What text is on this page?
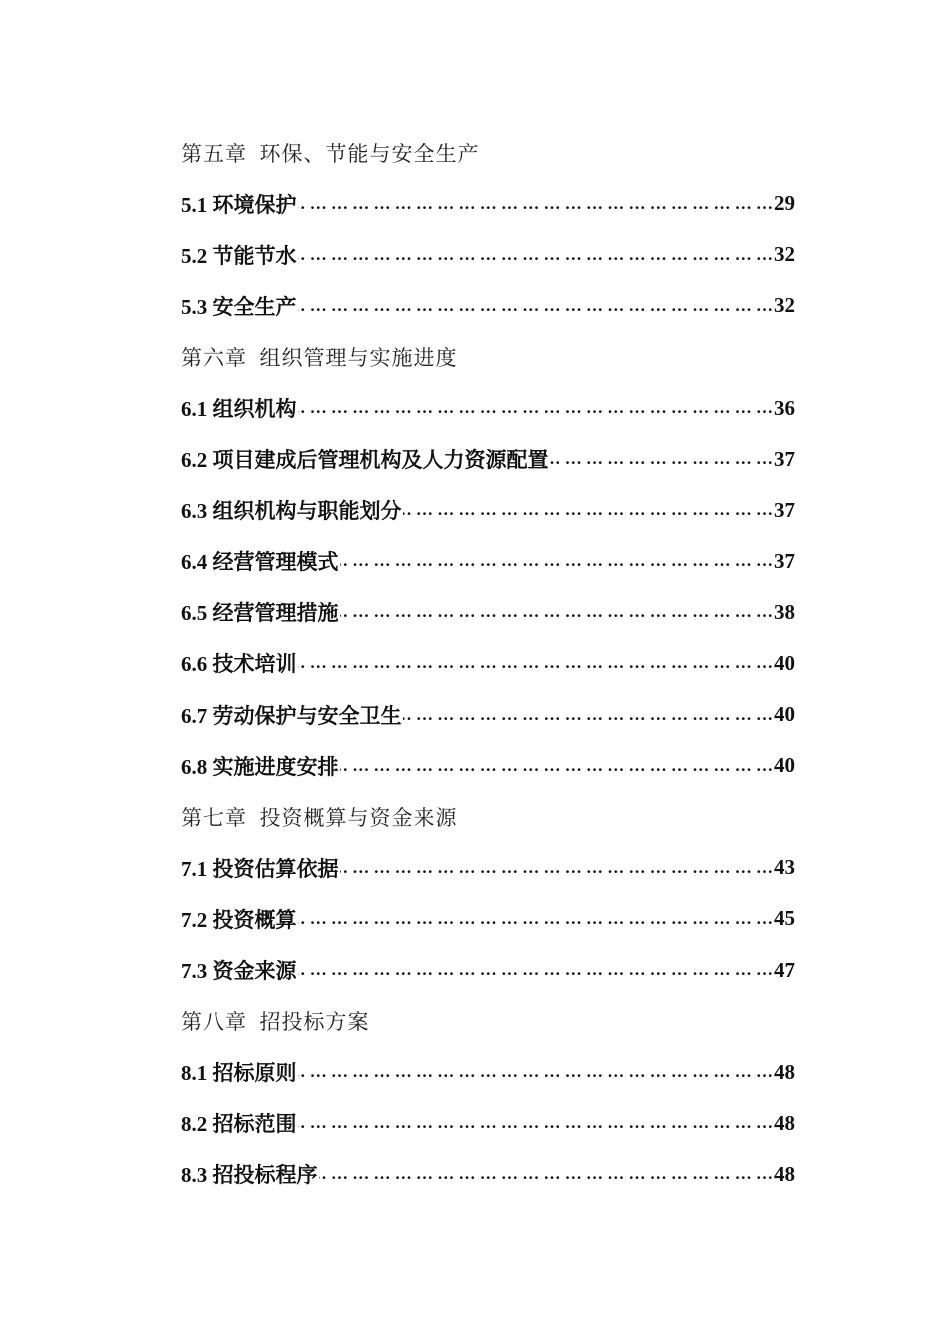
第五章  环保、节能与安全生产
5.1 环境保护 … … … … … … … … … … … … … … … … … … … … … … … … … … … … … … … … … … … … … … … … …	29
5.2 节能节水 … … … … … … … … … … … … … … … … … … … … … … … … … … … … … … … … … … … … … … … … …	32
5.3 安全生产 … … … … … … … … … … … … … … … … … … … … … … … … … … … … … … … … … … … … … … … … …	32
第六章  组织管理与实施进度
6.1 组织机构 … … … … … … … … … … … … … … … … … … … … … … … … … … … … … … … … … … … … … … … … …	36
6.2 项目建成后管理机构及人力资源配置 … … … … … … … … … … … … … … … … … … … … … … … … … … … … … … … … … … … … … … … … …	37
6.3 组织机构与职能划分 … … … … … … … … … … … … … … … … … … … … … … … … … … … … … … … … … … … … … … … … …	37
6.4 经营管理模式 … … … … … … … … … … … … … … … … … … … … … … … … … … … … … … … … … … … … … … … … …	37
6.5 经营管理措施 … … … … … … … … … … … … … … … … … … … … … … … … … … … … … … … … … … … … … … … … …	38
6.6 技术培训 … … … … … … … … … … … … … … … … … … … … … … … … … … … … … … … … … … … … … … … … …	40
6.7 劳动保护与安全卫生 … … … … … … … … … … … … … … … … … … … … … … … … … … … … … … … … … … … … … … … … …	40
6.8 实施进度安排 … … … … … … … … … … … … … … … … … … … … … … … … … … … … … … … … … … … … … … … … …	40
第七章  投资概算与资金来源
7.1 投资估算依据 … … … … … … … … … … … … … … … … … … … … … … … … … … … … … … … … … … … … … … … … …	43
7.2 投资概算 … … … … … … … … … … … … … … … … … … … … … … … … … … … … … … … … … … … … … … … … …	45
7.3 资金来源 … … … … … … … … … … … … … … … … … … … … … … … … … … … … … … … … … … … … … … … … …	47
第八章  招投标方案
8.1 招标原则 … … … … … … … … … … … … … … … … … … … … … … … … … … … … … … … … … … … … … … … … …	48
8.2 招标范围 … … … … … … … … … … … … … … … … … … … … … … … … … … … … … … … … … … … … … … … … …	48
8.3 招投标程序 … … … … … … … … … … … … … … … … … … … … … … … … … … … … … … … … … … … … … … … … …	48
